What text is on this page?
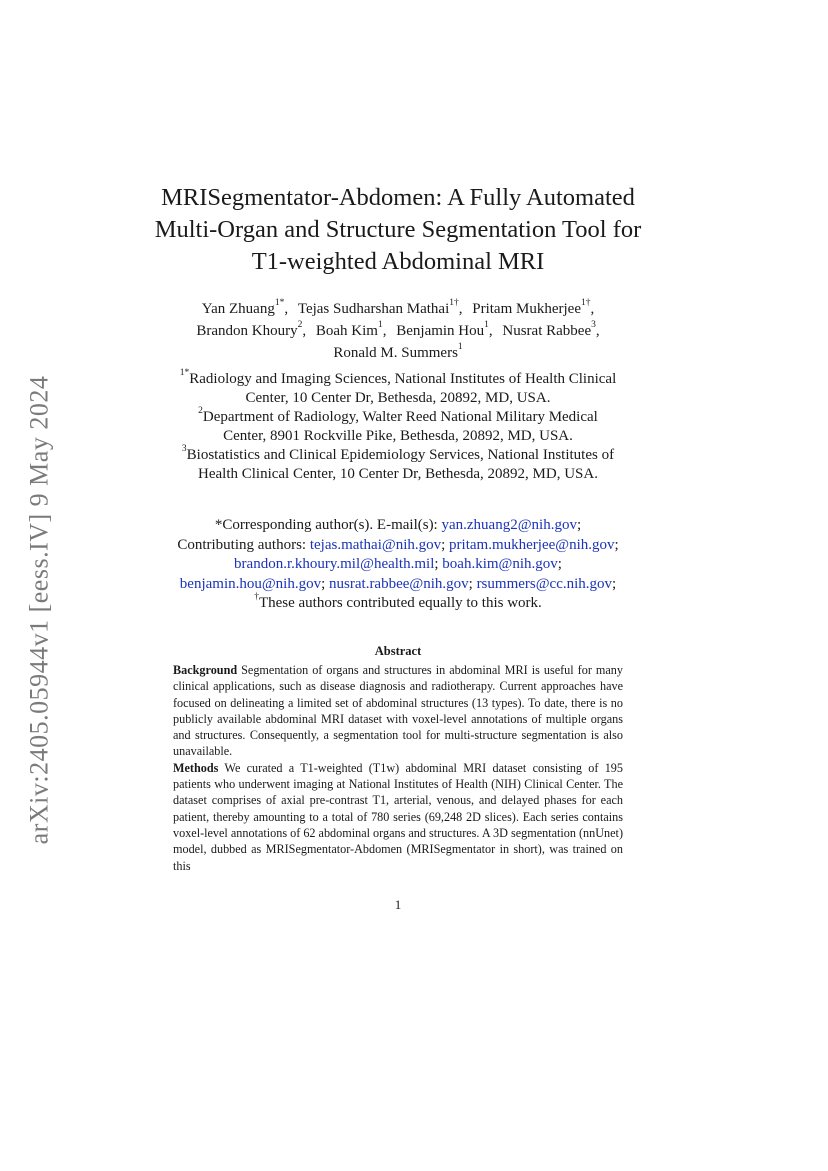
arXiv:2405.05944v1 [eess.IV] 9 May 2024
MRISegmentator-Abdomen: A Fully Automated
Multi-Organ and Structure Segmentation Tool for
T1-weighted Abdominal MRI
Yan Zhuang$^{1*}$, Tejas Sudharshan Mathai$^{1\dagger}$, Pritam Mukherjee$^{1\dagger}$,
Brandon Khoury$^2$, Boah Kim$^1$, Benjamin Hou$^1$, Nusrat Rabbee$^3$,
Ronald M. Summers$^1$
$^{1*}$Radiology and Imaging Sciences, National Institutes of Health Clinical
Center, 10 Center Dr, Bethesda, 20892, MD, USA.
$^2$Department of Radiology, Walter Reed National Military Medical
Center, 8901 Rockville Pike, Bethesda, 20892, MD, USA.
$^3$Biostatistics and Clinical Epidemiology Services, National Institutes of
Health Clinical Center, 10 Center Dr, Bethesda, 20892, MD, USA.
*Corresponding author(s). E-mail(s): yan.zhuang2@nih.gov;
Contributing authors: tejas.mathai@nih.gov; pritam.mukherjee@nih.gov;
brandon.r.khoury.mil@health.mil; boah.kim@nih.gov;
benjamin.hou@nih.gov; nusrat.rabbee@nih.gov; rsummers@cc.nih.gov;
†These authors contributed equally to this work.
Abstract

Background Segmentation of organs and structures in abdominal MRI is useful for many clinical applications, such as disease diagnosis and radiotherapy. Current approaches have focused on delineating a limited set of abdominal structures (13 types). To date, there is no publicly available abdominal MRI dataset with voxel-level annotations of multiple organs and structures. Consequently, a segmentation tool for multi-structure segmentation is also unavailable.

Methods We curated a T1-weighted (T1w) abdominal MRI dataset consisting of 195 patients who underwent imaging at National Institutes of Health (NIH) Clinical Center. The dataset comprises of axial pre-contrast T1, arterial, venous, and delayed phases for each patient, thereby amounting to a total of 780 series (69,248 2D slices). Each series contains voxel-level annotations of 62 abdominal organs and structures. A 3D segmentation (nnUnet) model, dubbed as MRISegmentator-Abdomen (MRISegmentator in short), was trained on this

1
